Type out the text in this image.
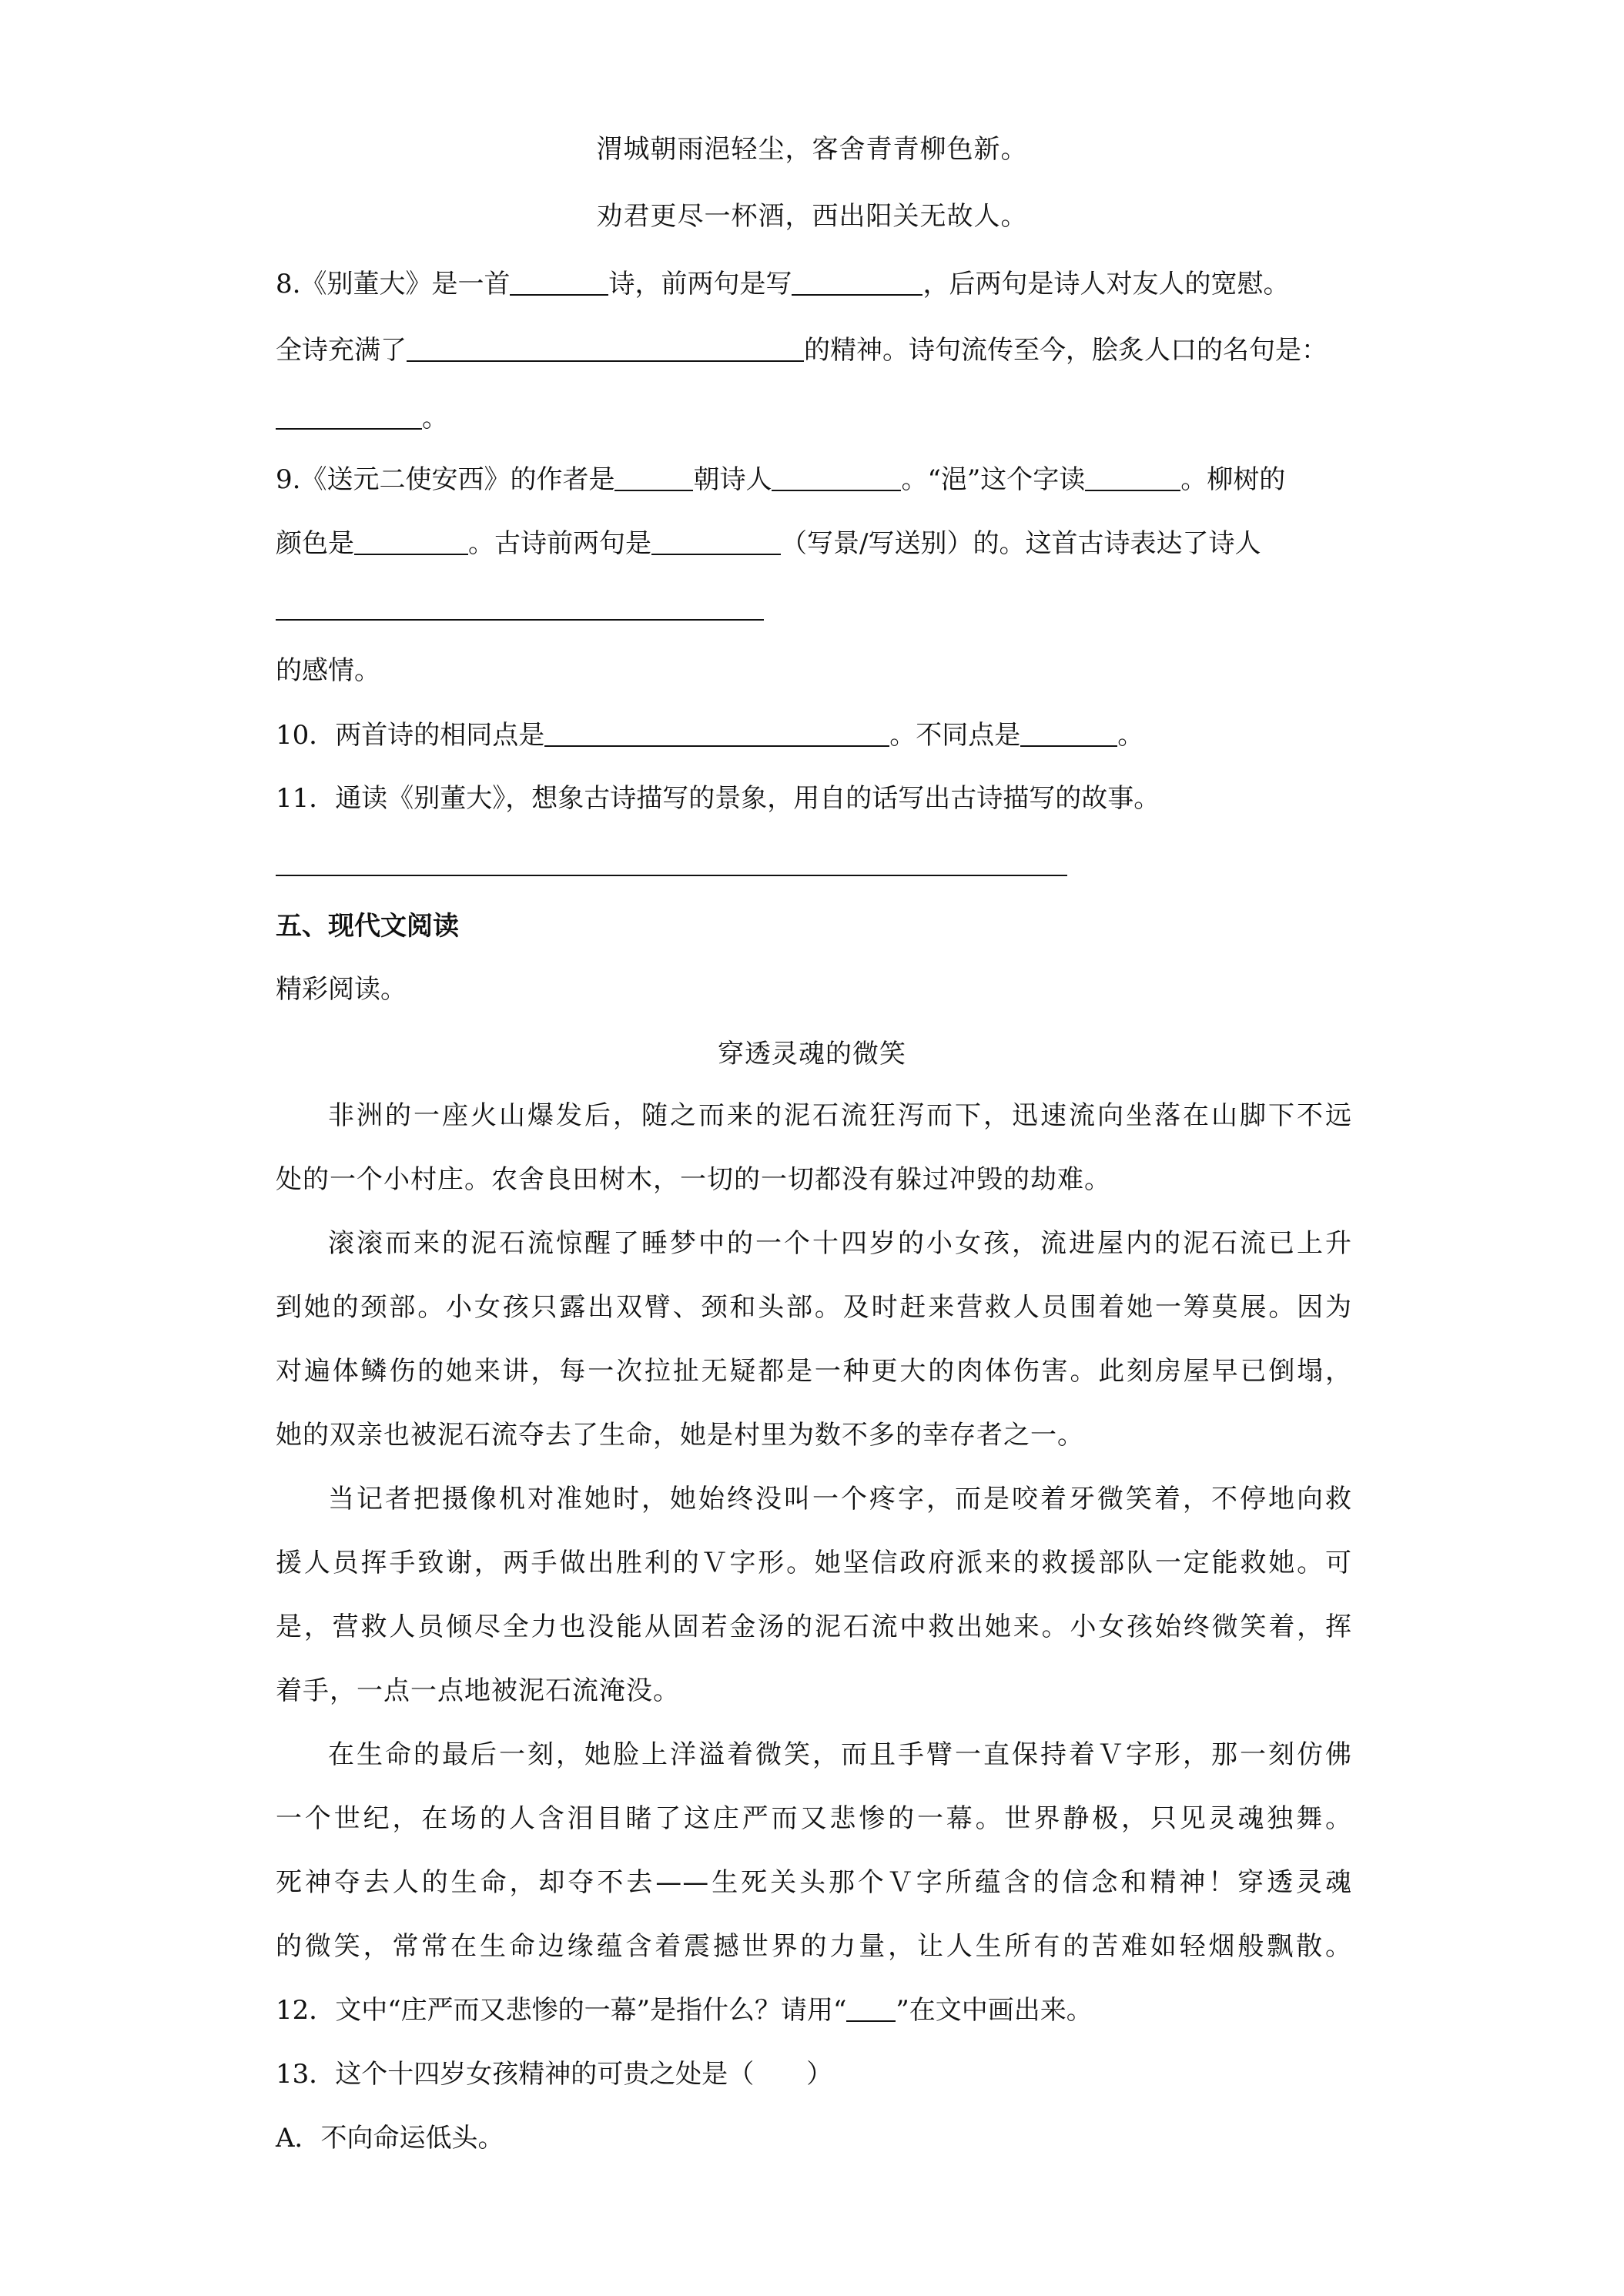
渭城朝雨浥轻尘，客舍青青柳色新。
劝君更尽一杯酒，西出阳关无故人。
8.《别董大》是一首	诗，前两句是写	，后两句是诗人对友人的宽慰。
全诗充满了	的精神。诗句流传至今，脍炙人口的名句是：
。
9.《送元二使安西》的作者是	朝诗人	。“浥”这个字读	。柳树的
颜色是	。古诗前两句是	（写景/写送别）的。这首古诗表达了诗人
的感情。
10．两首诗的相同点是	。不同点是	。
11．通读《别董大》，想象古诗描写的景象，用自的话写出古诗描写的故事。
五、现代文阅读
精彩阅读。
穿透灵魂的微笑
非洲的一座火山爆发后，随之而来的泥石流狂泻而下，迅速流向坐落在山脚下不远
处的一个小村庄。农舍良田树木，一切的一切都没有躲过冲毁的劫难。
滚滚而来的泥石流惊醒了睡梦中的一个十四岁的小女孩，流进屋内的泥石流已上升
到她的颈部。小女孩只露出双臂、颈和头部。及时赶来营救人员围着她一筹莫展。因为
对遍体鳞伤的她来讲，每一次拉扯无疑都是一种更大的肉体伤害。此刻房屋早已倒塌，
她的双亲也被泥石流夺去了生命，她是村里为数不多的幸存者之一。
当记者把摄像机对准她时，她始终没叫一个疼字，而是咬着牙微笑着，不停地向救
援人员挥手致谢，两手做出胜利的Ｖ字形。她坚信政府派来的救援部队一定能救她。可
是，营救人员倾尽全力也没能从固若金汤的泥石流中救出她来。小女孩始终微笑着，挥
着手，一点一点地被泥石流淹没。
在生命的最后一刻，她脸上洋溢着微笑，而且手臂一直保持着Ｖ字形，那一刻仿佛
一个世纪，在场的人含泪目睹了这庄严而又悲惨的一幕。世界静极，只见灵魂独舞。
死神夺去人的生命，却夺不去——生死关头那个Ｖ字所蕴含的信念和精神！穿透灵魂
的微笑，常常在生命边缘蕴含着震撼世界的力量，让人生所有的苦难如轻烟般飘散。
12．文中“庄严而又悲惨的一幕”是指什么？请用“ ”在文中画出来。
13．这个十四岁女孩精神的可贵之处是（　　）
A．不向命运低头。
